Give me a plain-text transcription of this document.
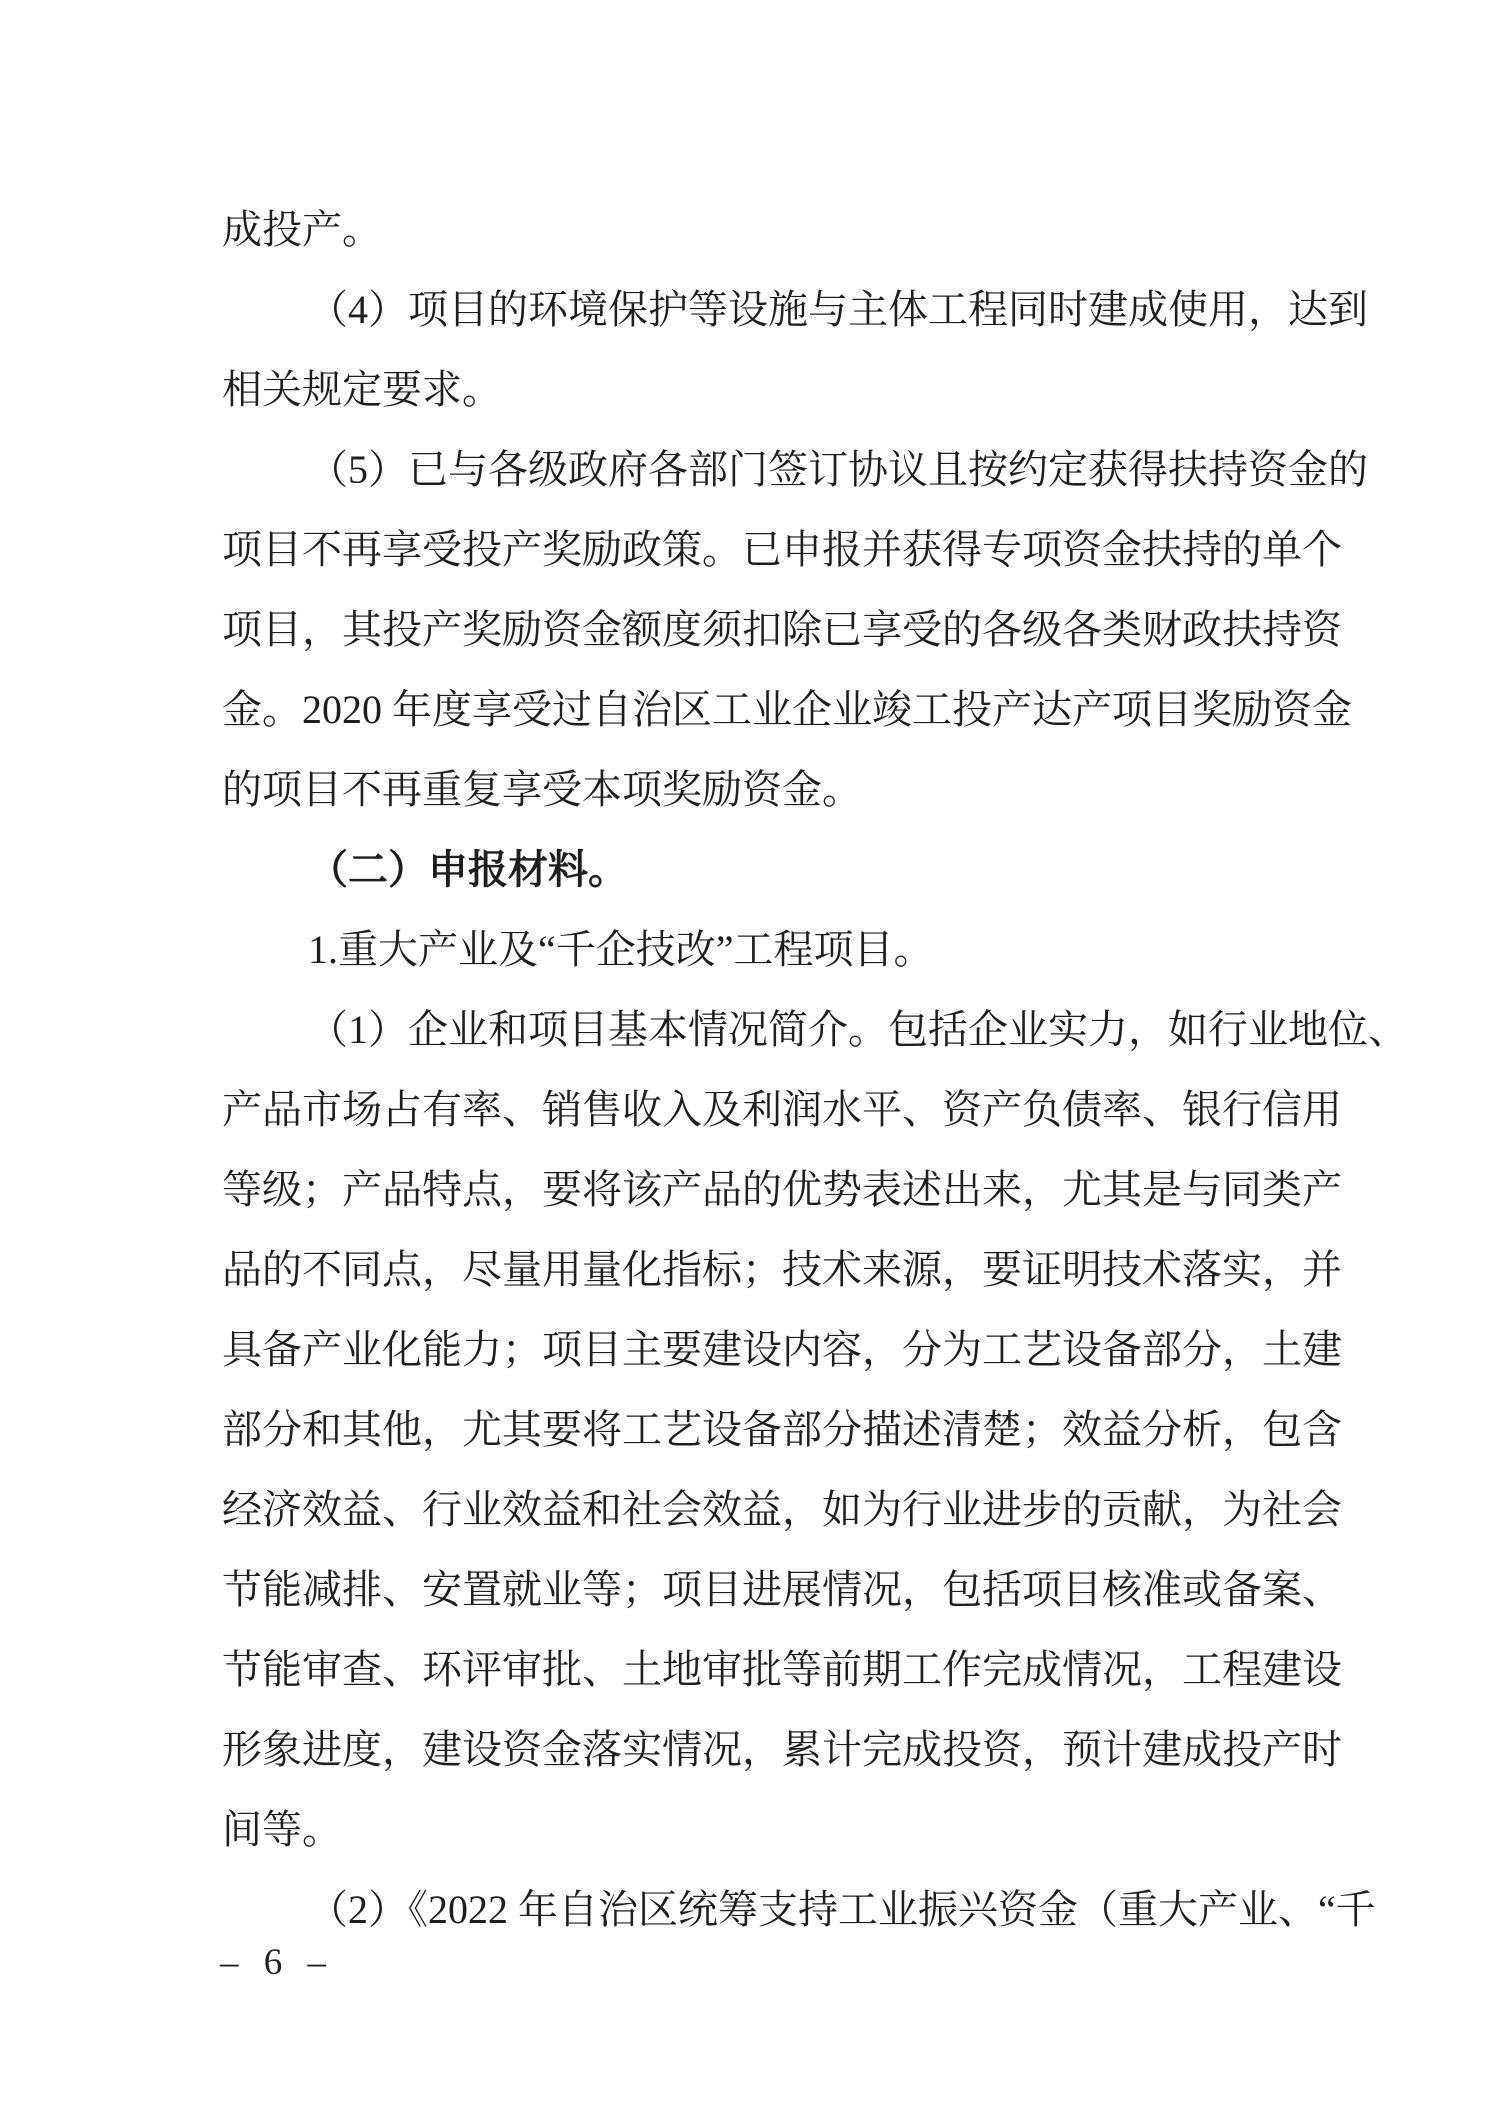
成投产。
（4）项目的环境保护等设施与主体工程同时建成使用，达到
相关规定要求。
（5）已与各级政府各部门签订协议且按约定获得扶持资金的
项目不再享受投产奖励政策。已申报并获得专项资金扶持的单个
项目，其投产奖励资金额度须扣除已享受的各级各类财政扶持资
金。2020 年度享受过自治区工业企业竣工投产达产项目奖励资金
的项目不再重复享受本项奖励资金。
（二）申报材料。
1.重大产业及“千企技改”工程项目。
（1）企业和项目基本情况简介。包括企业实力，如行业地位、
产品市场占有率、销售收入及利润水平、资产负债率、银行信用
等级；产品特点，要将该产品的优势表述出来，尤其是与同类产
品的不同点，尽量用量化指标；技术来源，要证明技术落实，并
具备产业化能力；项目主要建设内容，分为工艺设备部分，土建
部分和其他，尤其要将工艺设备部分描述清楚；效益分析，包含
经济效益、行业效益和社会效益，如为行业进步的贡献，为社会
节能减排、安置就业等；项目进展情况，包括项目核准或备案、
节能审查、环评审批、土地审批等前期工作完成情况，工程建设
形象进度，建设资金落实情况，累计完成投资，预计建成投产时
间等。
（2）《2022 年自治区统筹支持工业振兴资金（重大产业、“千
– 6 –
